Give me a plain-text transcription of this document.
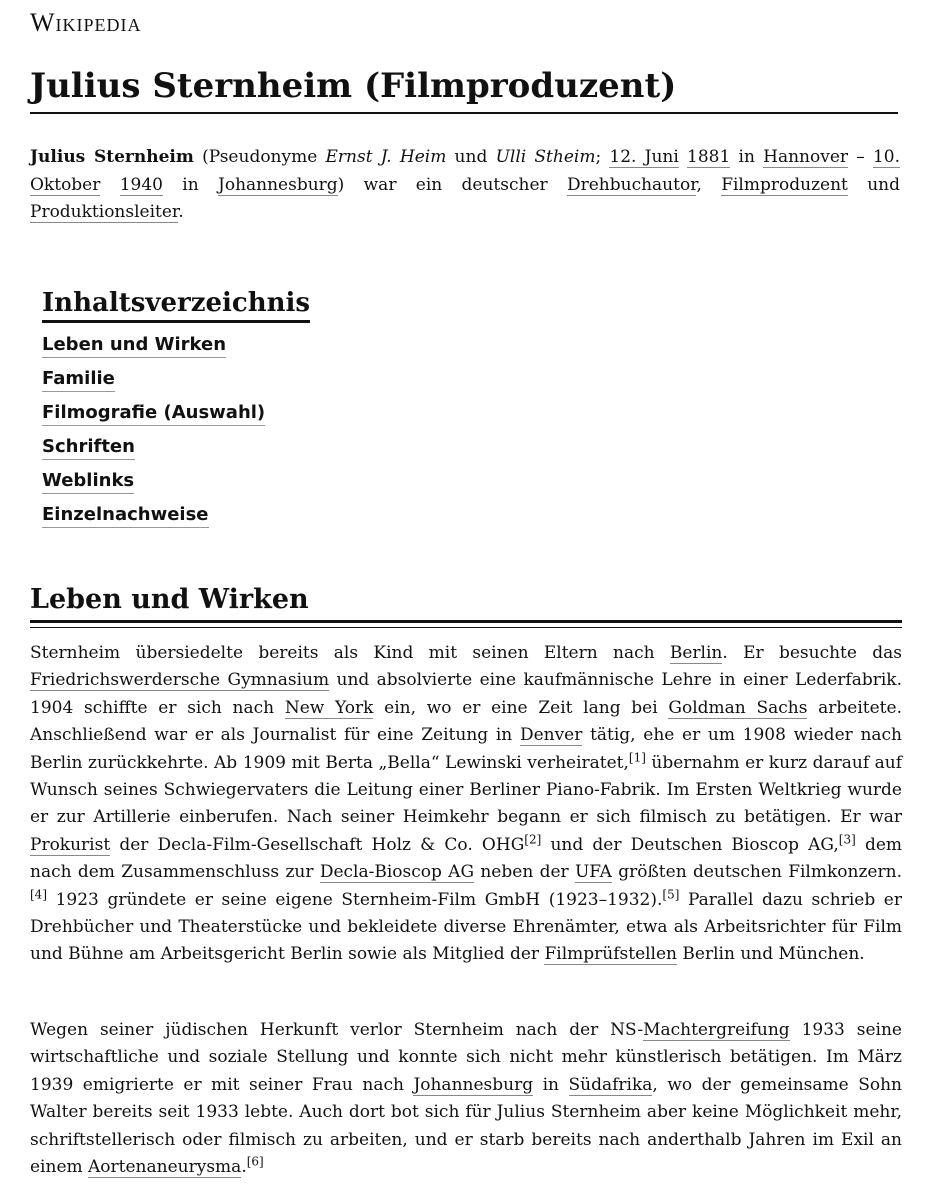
Wikipedia
Julius Sternheim (Filmproduzent)

Julius Sternheim (Pseudonyme Ernst J. Heim und Ulli Stheim; 12. Juni 1881 in Hannover – 10. Oktober 1940 in Johannesburg) war ein deutscher Drehbuchautor, Filmproduzent und Produktionsleiter.

Inhaltsverzeichnis
Leben und Wirken
Familie
Filmografie (Auswahl)
Schriften
Weblinks
Einzelnachweise
Leben und Wirken

Sternheim übersiedelte bereits als Kind mit seinen Eltern nach Berlin. Er besuchte das Friedrichswerdersche Gymnasium und absolvierte eine kaufmännische Lehre in einer Lederfabrik. 1904 schiffte er sich nach New York ein, wo er eine Zeit lang bei Goldman Sachs arbeitete. Anschließend war er als Journalist für eine Zeitung in Denver tätig, ehe er um 1908 wieder nach Berlin zurückkehrte. Ab 1909 mit Berta „Bella“ Lewinski verheiratet,[1] übernahm er kurz darauf auf Wunsch seines Schwiegervaters die Leitung einer Berliner Piano-Fabrik. Im Ersten Weltkrieg wurde er zur Artillerie einberufen. Nach seiner Heimkehr begann er sich filmisch zu betätigen. Er war Prokurist der Decla-Film-Gesellschaft Holz & Co. OHG[2] und der Deutschen Bioscop AG,[3] dem nach dem Zusammenschluss zur Decla-Bioscop AG neben der UFA größten deutschen Filmkonzern.[4] 1923 gründete er seine eigene Sternheim-Film GmbH (1923–1932).[5] Parallel dazu schrieb er Drehbücher und Theaterstücke und bekleidete diverse Ehrenämter, etwa als Arbeitsrichter für Film und Bühne am Arbeitsgericht Berlin sowie als Mitglied der Filmprüfstellen Berlin und München.

Wegen seiner jüdischen Herkunft verlor Sternheim nach der NS-Machtergreifung 1933 seine wirtschaftliche und soziale Stellung und konnte sich nicht mehr künstlerisch betätigen. Im März 1939 emigrierte er mit seiner Frau nach Johannesburg in Südafrika, wo der gemeinsame Sohn Walter bereits seit 1933 lebte. Auch dort bot sich für Julius Sternheim aber keine Möglichkeit mehr, schriftstellerisch oder filmisch zu arbeiten, und er starb bereits nach anderthalb Jahren im Exil an einem Aortenaneurysma.[6]
